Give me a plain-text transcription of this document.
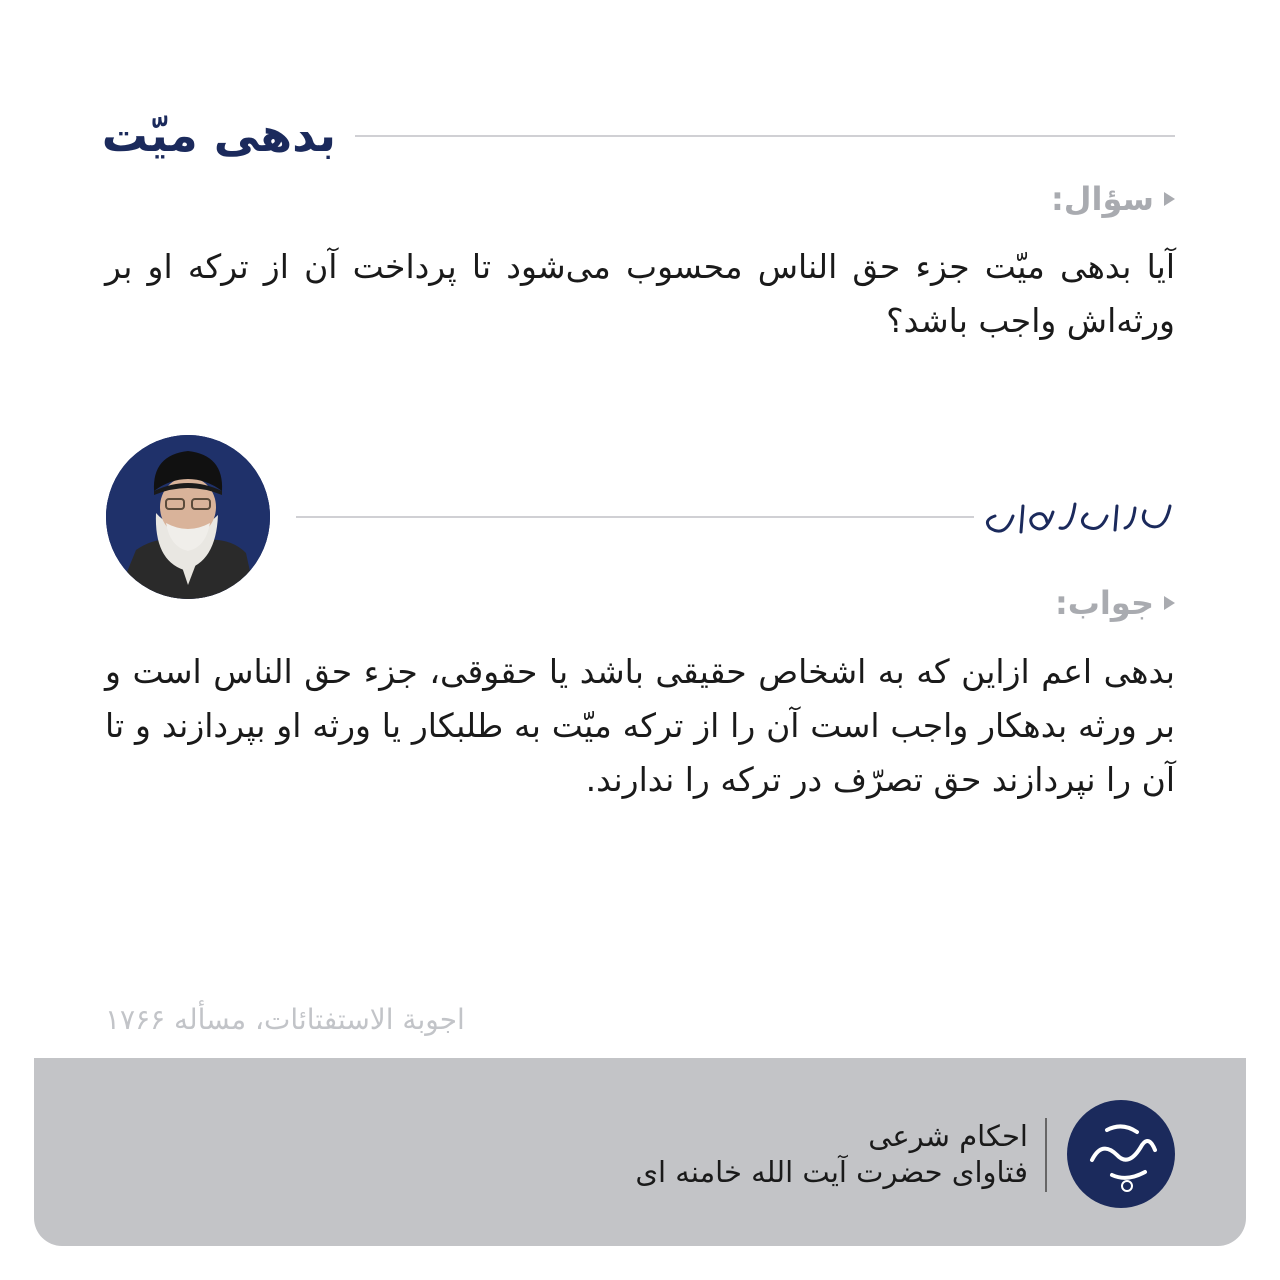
بدهی میّت
سؤال:
آیا بدهی میّت جزء حق الناس محسوب می‌شود تا پرداخت آن از ترکه او بر ورثه‌اش واجب باشد؟
جواب:
بدهی اعم ازاین که به اشخاص حقیقی باشد یا حقوقی، جزء حق الناس است و بر ورثه بدهکار واجب است آن را از ترکه میّت به طلبکار یا ورثه او بپردازند و تا آن را نپردازند حق تصرّف در ترکه را ندارند.
اجوبة الاستفتائات، مسأله ۱۷۶۶
احکام شرعی
فتاوای حضرت آیت الله خامنه ای
